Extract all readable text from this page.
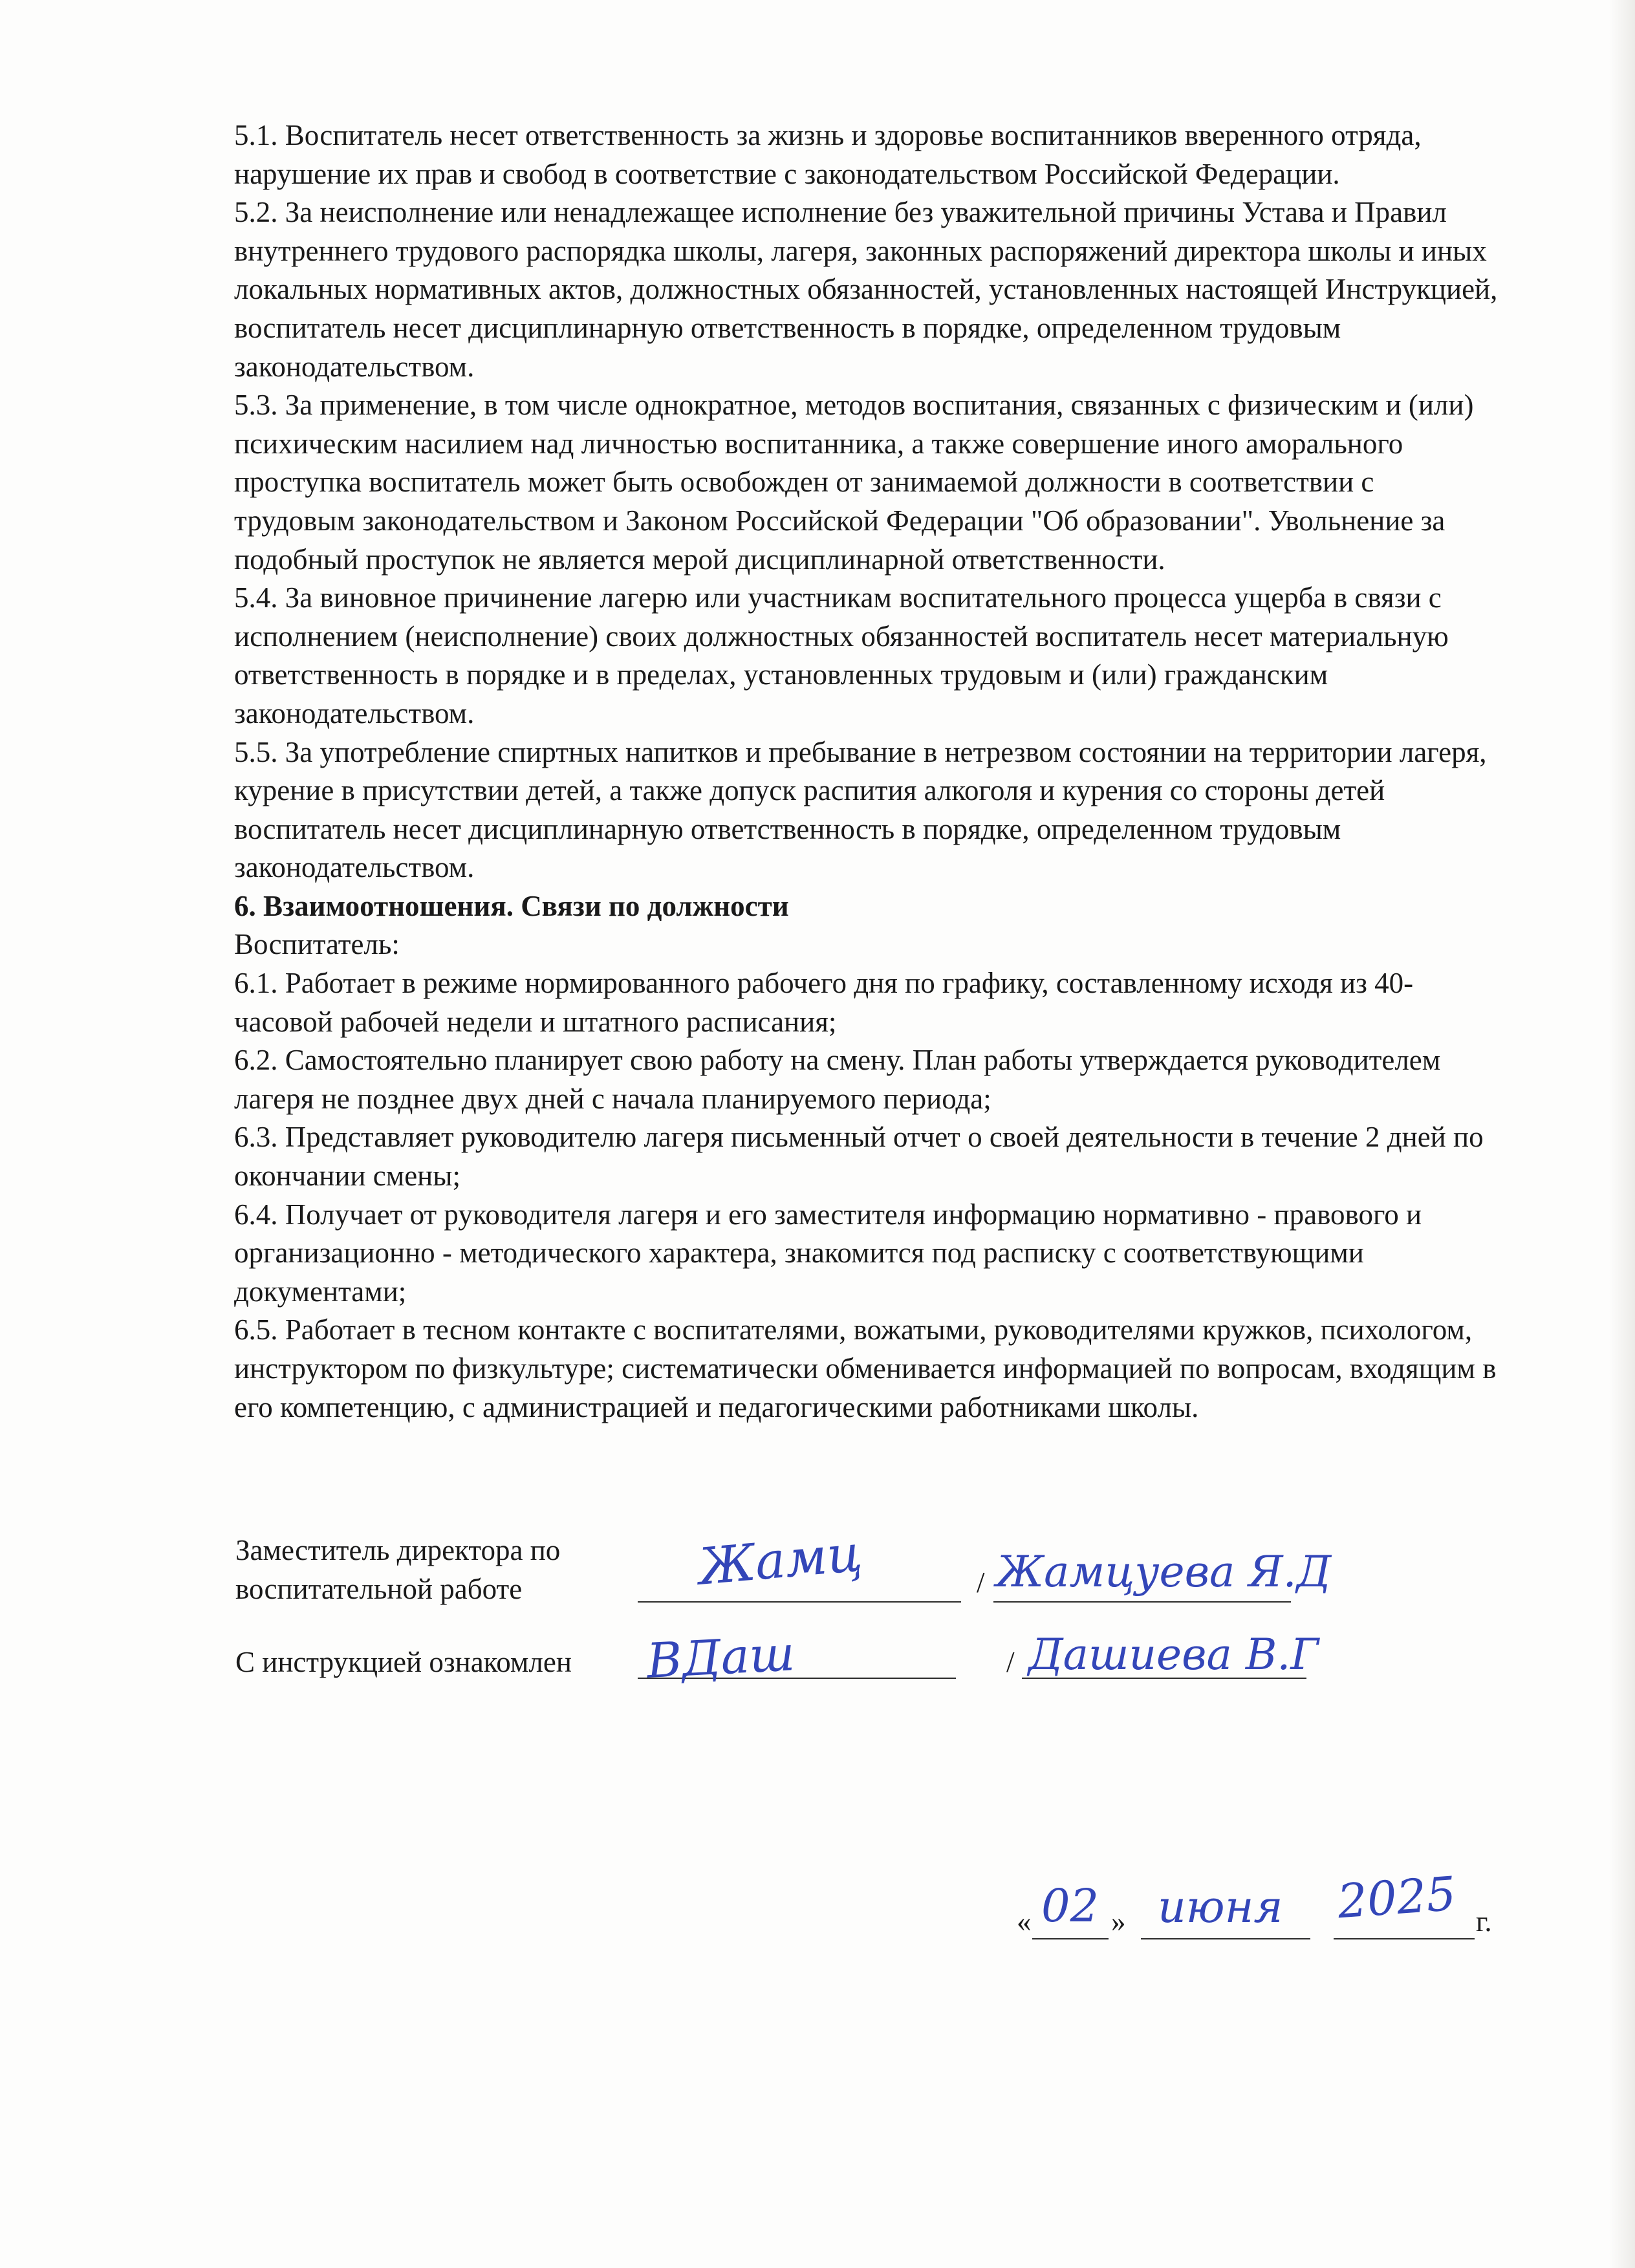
5.1. Воспитатель несет ответственность за жизнь и здоровье воспитанников вверенного отряда, нарушение их прав и свобод в соответствие с законодательством Российской Федерации.

5.2. За неисполнение или ненадлежащее исполнение без уважительной причины Устава и Правил внутреннего трудового распорядка школы, лагеря, законных распоряжений директора школы и иных локальных нормативных актов, должностных обязанностей, установленных настоящей Инструкцией, воспитатель несет дисциплинарную ответственность в порядке, определенном трудовым законодательством.

5.3. За применение, в том числе однократное, методов воспитания, связанных с физическим и (или) психическим насилием над личностью воспитанника, а также совершение иного аморального проступка воспитатель может быть освобожден от занимаемой должности в соответствии с трудовым законодательством и Законом Российской Федерации "Об образовании". Увольнение за подобный проступок не является мерой дисциплинарной ответственности.

5.4. За виновное причинение лагерю или участникам воспитательного процесса ущерба в связи с исполнением (неисполнение) своих должностных обязанностей воспитатель несет материальную ответственность в порядке и в пределах, установленных трудовым и (или) гражданским законодательством.

5.5. За употребление спиртных напитков и пребывание в нетрезвом состоянии на территории лагеря, курение в присутствии детей, а также допуск распития алкоголя и курения со стороны детей воспитатель несет дисциплинарную ответственность в порядке, определенном трудовым законодательством.

6. Взаимоотношения. Связи по должности

Воспитатель:

6.1. Работает в режиме нормированного рабочего дня по графику, составленному исходя из 40-часовой рабочей недели и штатного расписания;

6.2. Самостоятельно планирует свою работу на смену. План работы утверждается руководителем лагеря не позднее двух дней с начала планируемого периода;

6.3. Представляет руководителю лагеря письменный отчет о своей деятельности в течение 2 дней по окончании смены;

6.4. Получает от руководителя лагеря и его заместителя информацию нормативно - правового и организационно - методического характера, знакомится под расписку с соответствующими документами;

6.5. Работает в тесном контакте с воспитателями, вожатыми, руководителями кружков, психологом, инструктором по физкультуре; систематически обменивается информацией по вопросам, входящим в его компетенцию, с администрацией и педагогическими работниками школы.

Заместитель директора по
воспитательной работе	Жамц	/ Жамцуева Я.Д
С инструкцией ознакомлен ВДаш	/ Дашиева В.Г
« 02 » июня 2025 г.
